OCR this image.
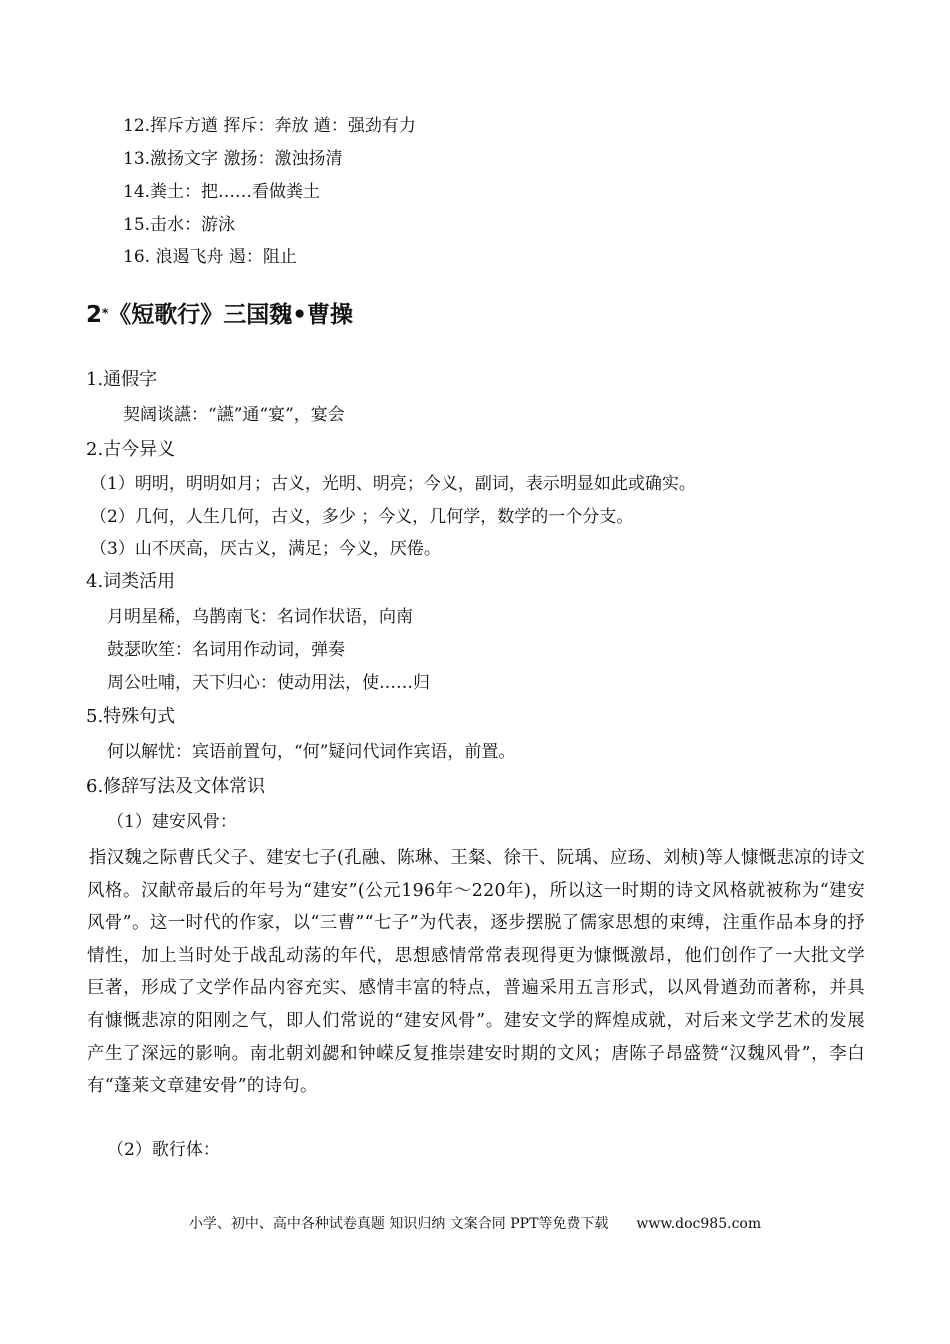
12.挥斥方遒 挥斥：奔放 遒：强劲有力
13.激扬文字 激扬：激浊扬清
14.粪土：把……看做粪土
15.击水：游泳
16. 浪遏飞舟 遏：阻止
2*《短歌行》三国魏•曹操
1.通假字
契阔谈讌：“讌”通“宴”，宴会
2.古今异义
（1）明明，明明如月；古义，光明、明亮；今义，副词，表示明显如此或确实。
（2）几何，人生几何，古义，多少 ；今义，几何学，数学的一个分支。
（3）山不厌高，厌古义，满足；今义，厌倦。
4.词类活用
月明星稀，乌鹊南飞：名词作状语，向南
鼓瑟吹笙：名词用作动词，弹奏
周公吐哺，天下归心：使动用法，使……归
5.特殊句式
何以解忧：宾语前置句，“何”疑问代词作宾语，前置。
6.修辞写法及文体常识
（1）建安风骨：
指汉魏之际曹氏父子、建安七子(孔融、陈琳、王粲、徐干、阮瑀、应玚、刘桢)等人慷慨悲凉的诗文风格。汉献帝最后的年号为“建安”(公元196年～220年)，所以这一时期的诗文风格就被称为“建安风骨”。这一时代的作家，以“三曹”“七子”为代表，逐步摆脱了儒家思想的束缚，注重作品本身的抒情性，加上当时处于战乱动荡的年代，思想感情常常表现得更为慷慨激昂，他们创作了一大批文学巨著，形成了文学作品内容充实、感情丰富的特点，普遍采用五言形式，以风骨遒劲而著称，并具有慷慨悲凉的阳刚之气，即人们常说的“建安风骨”。建安文学的辉煌成就，对后来文学艺术的发展产生了深远的影响。南北朝刘勰和钟嵘反复推崇建安时期的文风；唐陈子昂盛赞“汉魏风骨”，李白有“蓬莱文章建安骨”的诗句。
（2）歌行体：
小学、初中、高中各种试卷真题 知识归纳 文案合同 PPT等免费下载 www.doc985.com
